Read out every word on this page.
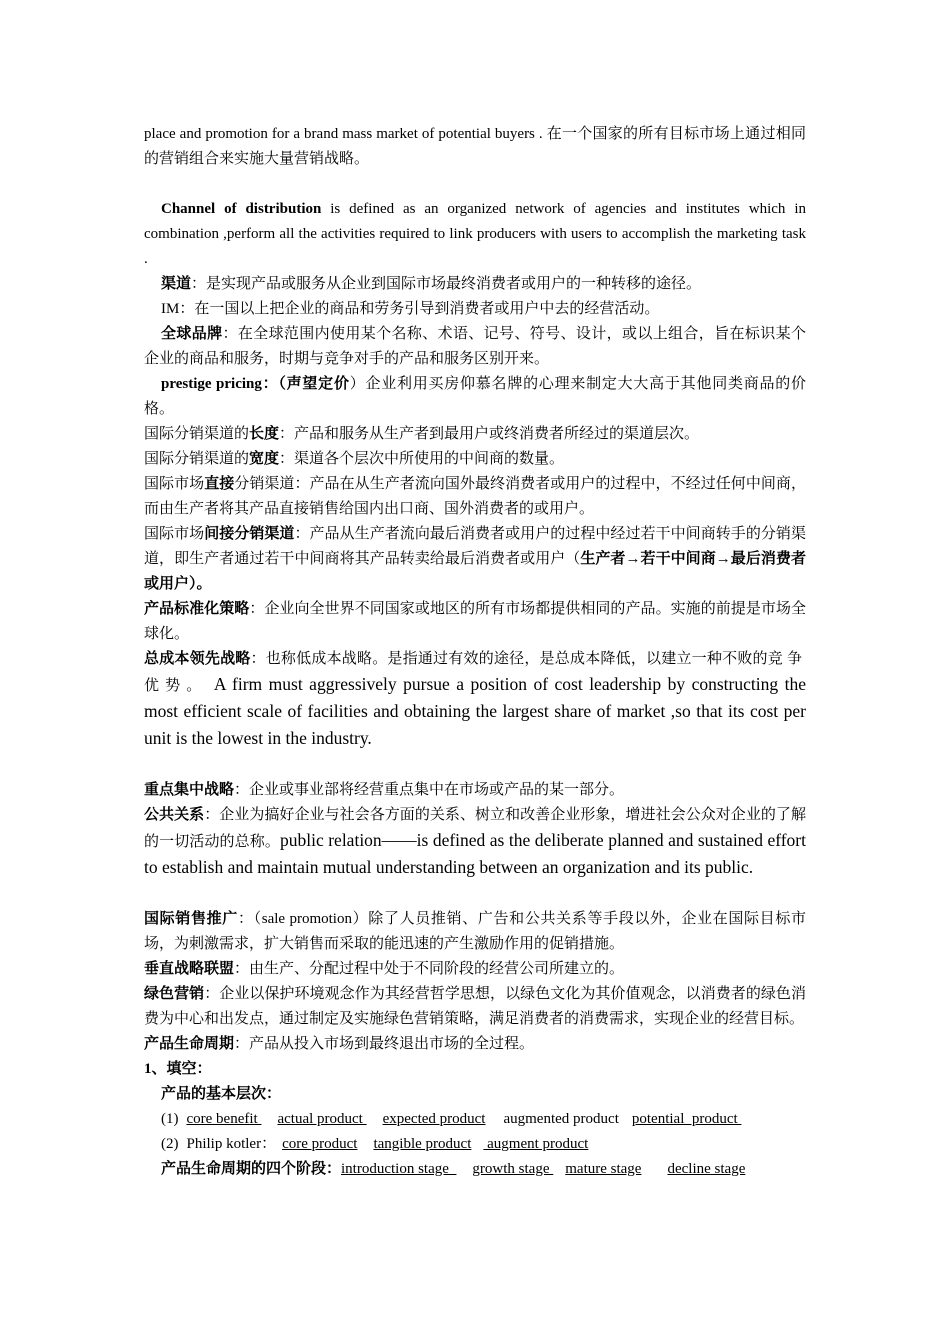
place and promotion for a brand mass market of potential buyers . 在一个国家的所有目标市场上通过相同的营销组合来实施大量营销战略。

Channel of distribution is defined as an organized network of agencies and institutes which in combination ,perform all the activities required to link producers with users to accomplish the marketing task .

渠道：是实现产品或服务从企业到国际市场最终消费者或用户的一种转移的途径。

IM：在一国以上把企业的商品和劳务引导到消费者或用户中去的经营活动。

全球品牌：在全球范围内使用某个名称、术语、记号、符号、设计，或以上组合，旨在标识某个企业的商品和服务，时期与竞争对手的产品和服务区别开来。

prestige pricing：（声望定价）企业利用买房仰慕名牌的心理来制定大大高于其他同类商品的价格。

国际分销渠道的长度：产品和服务从生产者到最用户或终消费者所经过的渠道层次。

国际分销渠道的宽度：渠道各个层次中所使用的中间商的数量。

国际市场直接分销渠道：产品在从生产者流向国外最终消费者或用户的过程中，不经过任何中间商，而由生产者将其产品直接销售给国内出口商、国外消费者的或用户。

国际市场间接分销渠道：产品从生产者流向最后消费者或用户的过程中经过若干中间商转手的分销渠道，即生产者通过若干中间商将其产品转卖给最后消费者或用户（生产者→若干中间商→最后消费者或用户）。

产品标准化策略：企业向全世界不同国家或地区的所有市场都提供相同的产品。实施的前提是市场全球化。

总成本领先战略：也称低成本战略。是指通过有效的途径，是总成本降低，以建立一种不败的竞争优势。 A firm must aggressively pursue a position of cost leadership by constructing the most efficient scale of facilities and obtaining the largest share of market ,so that its cost per unit is the lowest in the industry.

重点集中战略：企业或事业部将经营重点集中在市场或产品的某一部分。

公共关系：企业为搞好企业与社会各方面的关系、树立和改善企业形象，增进社会公众对企业的了解的一切活动的总称。public relation——is defined as the deliberate planned and sustained effort to establish and maintain mutual understanding between an organization and its public.

国际销售推广：（sale promotion）除了人员推销、广告和公共关系等手段以外，企业在国际目标市场，为刺激需求，扩大销售而采取的能迅速的产生激励作用的促销措施。

垂直战略联盟：由生产、分配过程中处于不同阶段的经营公司所建立的。

绿色营销：企业以保护环境观念作为其经营哲学思想，以绿色文化为其价值观念，以消费者的绿色消费为中心和出发点，通过制定及实施绿色营销策略，满足消费者的消费需求，实现企业的经营目标。

产品生命周期：产品从投入市场到最终退出市场的全过程。

1、填空：

产品的基本层次：

(1) core benefit actual product expected product augmented product potential  product
(2) Philip kotler： core product tangible product augment product
产品生命周期的四个阶段： introduction stage growth stage mature stage decline stage
